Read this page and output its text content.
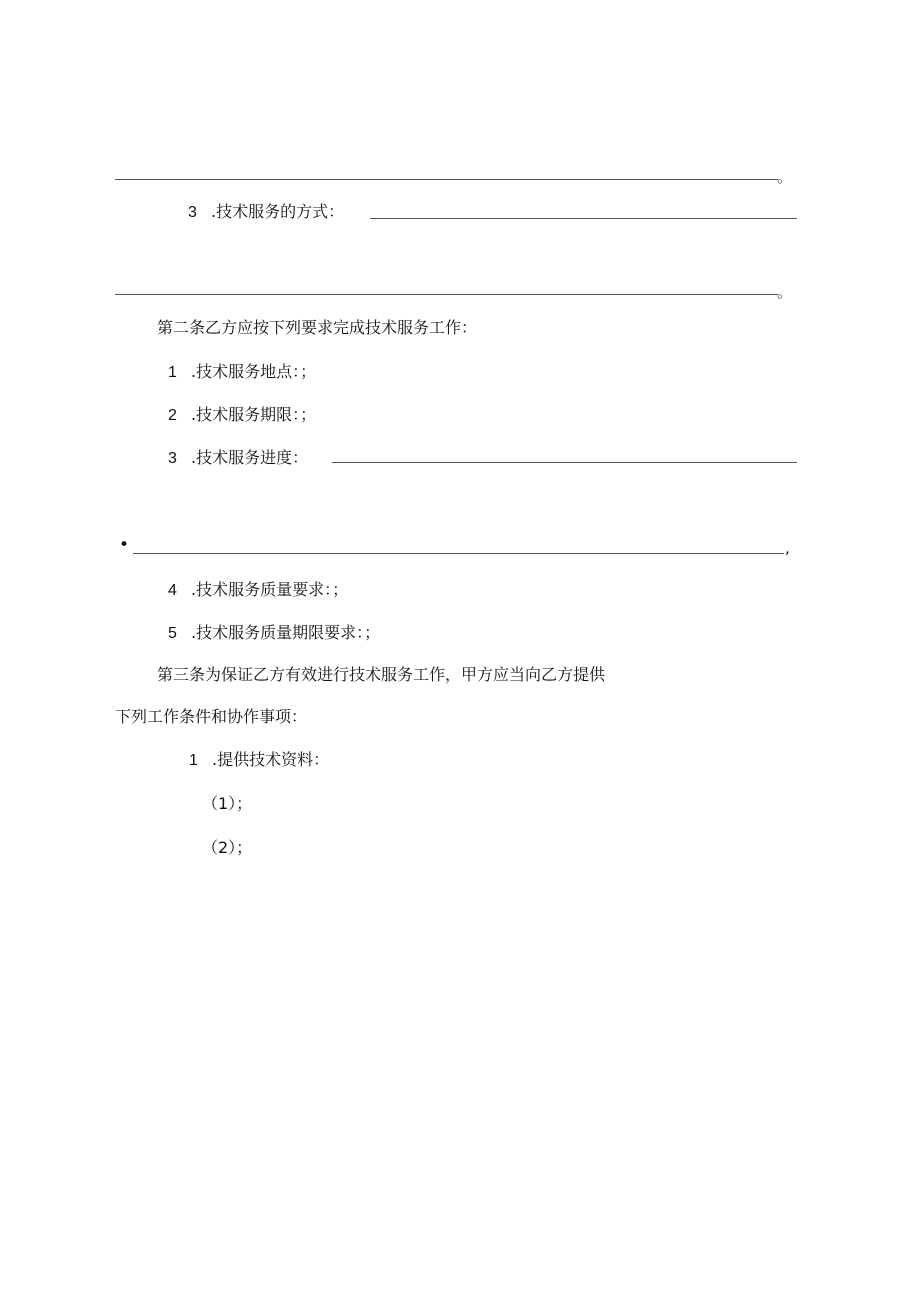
。
3 .技术服务的方式：
。
第二条乙方应按下列要求完成技术服务工作：
1 .技术服务地点：；
2 .技术服务期限：；
3 .技术服务进度：
•	,
4 .技术服务质量要求：；
5 .技术服务质量期限要求：；
第三条为保证乙方有效进行技术服务工作，甲方应当向乙方提供
下列工作条件和协作事项：
1 .提供技术资料：
（1）；
（2）；
